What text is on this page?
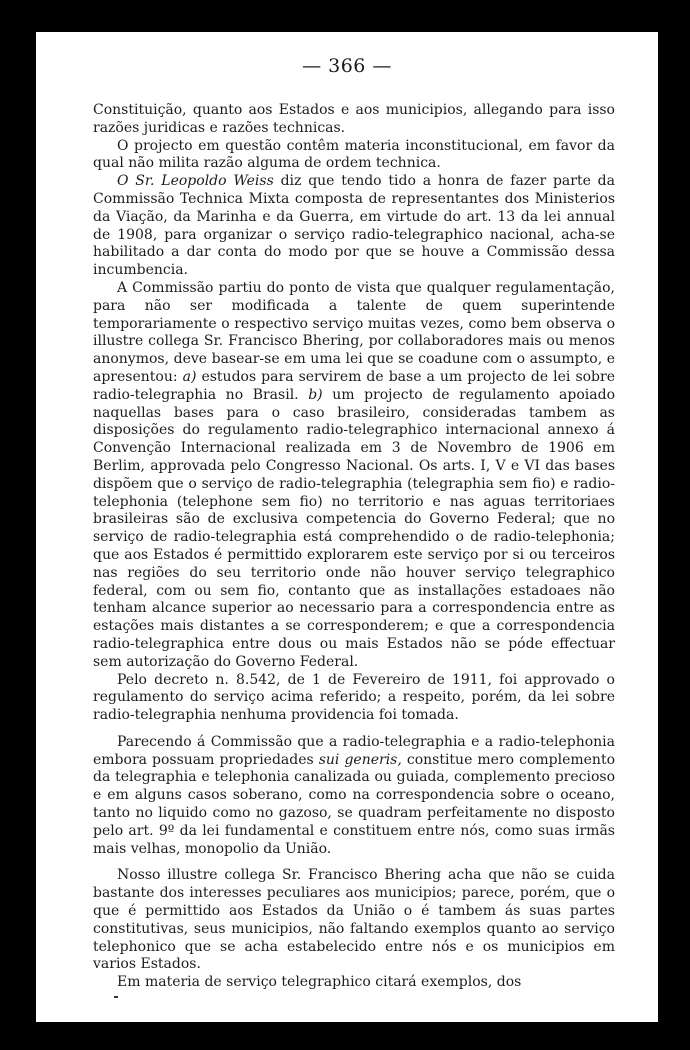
— 366 —

Constituição, quanto aos Estados e aos municipios, allegando para isso razões juridicas e razões technicas.

O projecto em questão contêm materia inconstitucional, em favor da qual não milita razão alguma de ordem technica.

O Sr. Leopoldo Weiss diz que tendo tido a honra de fazer parte da Commissão Technica Mixta composta de representantes dos Ministerios da Viação, da Marinha e da Guerra, em virtude do art. 13 da lei annual de 1908, para organizar o serviço radio-telegraphico nacional, acha-se habilitado a dar conta do modo por que se houve a Commissão dessa incumbencia.

A Commissão partiu do ponto de vista que qualquer regulamentação, para não ser modificada a talente de quem superintende temporariamente o respectivo serviço muitas vezes, como bem observa o illustre collega Sr. Francisco Bhering, por collaboradores mais ou menos anonymos, deve basear-se em uma lei que se coadune com o assumpto, e apresentou: a) estudos para servirem de base a um projecto de lei sobre radio-telegraphia no Brasil. b) um projecto de regulamento apoiado naquellas bases para o caso brasileiro, consideradas tambem as disposições do regulamento radio-telegraphico internacional annexo á Convenção Internacional realizada em 3 de Novembro de 1906 em Berlim, approvada pelo Congresso Nacional. Os arts. I, V e VI das bases dispõem que o serviço de radio-telegraphia (telegraphia sem fio) e radio-telephonia (telephone sem fio) no territorio e nas aguas territoriaes brasileiras são de exclusiva competencia do Governo Federal; que no serviço de radio-telegraphia está comprehendido o de radio-telephonia; que aos Estados é permittido explorarem este serviço por si ou terceiros nas regiões do seu territorio onde não houver serviço telegraphico federal, com ou sem fio, contanto que as installações estadoaes não tenham alcance superior ao necessario para a correspondencia entre as estações mais distantes a se corresponderem; e que a correspondencia radio-telegraphica entre dous ou mais Estados não se póde effectuar sem autorização do Governo Federal.

Pelo decreto n. 8.542, de 1 de Fevereiro de 1911, foi approvado o regulamento do serviço acima referido; a respeito, porém, da lei sobre radio-telegraphia nenhuma providencia foi tomada.

Parecendo á Commissão que a radio-telegraphia e a radio-telephonia embora possuam propriedades sui generis, constitue mero complemento da telegraphia e telephonia canalizada ou guiada, complemento precioso e em alguns casos soberano, como na correspondencia sobre o oceano, tanto no liquido como no gazoso, se quadram perfeitamente no disposto pelo art. 9º da lei fundamental e constituem entre nós, como suas irmãs mais velhas, monopolio da União.

Nosso illustre collega Sr. Francisco Bhering acha que não se cuida bastante dos interesses peculiares aos municipios; parece, porém, que o que é permittido aos Estados da União o é tambem ás suas partes constitutivas, seus municipios, não faltando exemplos quanto ao serviço telephonico que se acha estabelecido entre nós e os municipios em varios Estados.

Em materia de serviço telegraphico citará exemplos, dos
